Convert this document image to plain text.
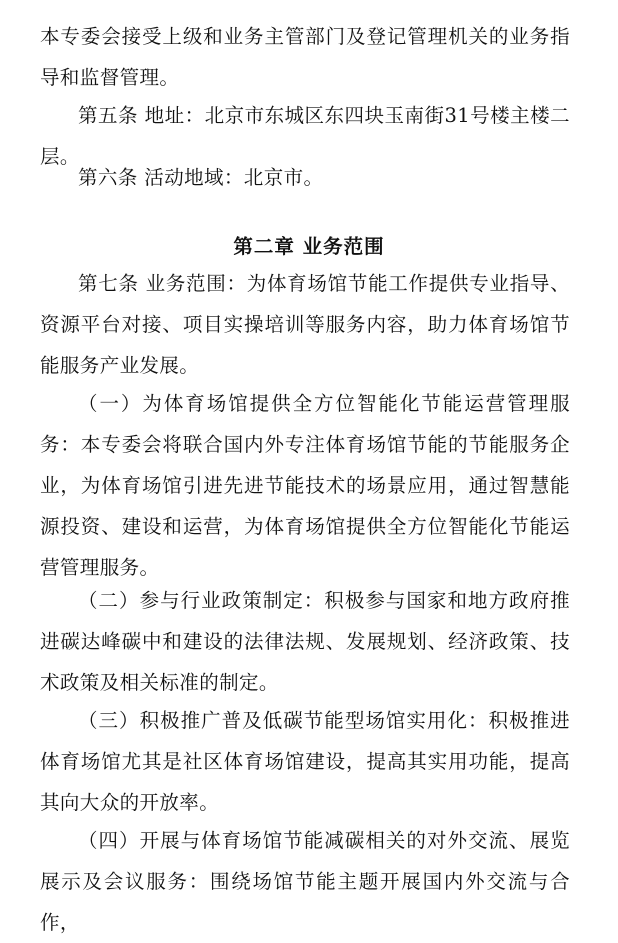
本专委会接受上级和业务主管部门及登记管理机关的业务指导和监督管理。

第五条 地址：北京市东城区东四块玉南街31号楼主楼二层。

第六条 活动地域：北京市。

第二章 业务范围

第七条 业务范围：为体育场馆节能工作提供专业指导、资源平台对接、项目实操培训等服务内容，助力体育场馆节能服务产业发展。

（一）为体育场馆提供全方位智能化节能运营管理服务：本专委会将联合国内外专注体育场馆节能的节能服务企业，为体育场馆引进先进节能技术的场景应用，通过智慧能源投资、建设和运营，为体育场馆提供全方位智能化节能运营管理服务。

（二）参与行业政策制定：积极参与国家和地方政府推进碳达峰碳中和建设的法律法规、发展规划、经济政策、技术政策及相关标准的制定。

（三）积极推广普及低碳节能型场馆实用化：积极推进体育场馆尤其是社区体育场馆建设，提高其实用功能，提高其向大众的开放率。

（四）开展与体育场馆节能减碳相关的对外交流、展览展示及会议服务：围绕场馆节能主题开展国内外交流与合作，
